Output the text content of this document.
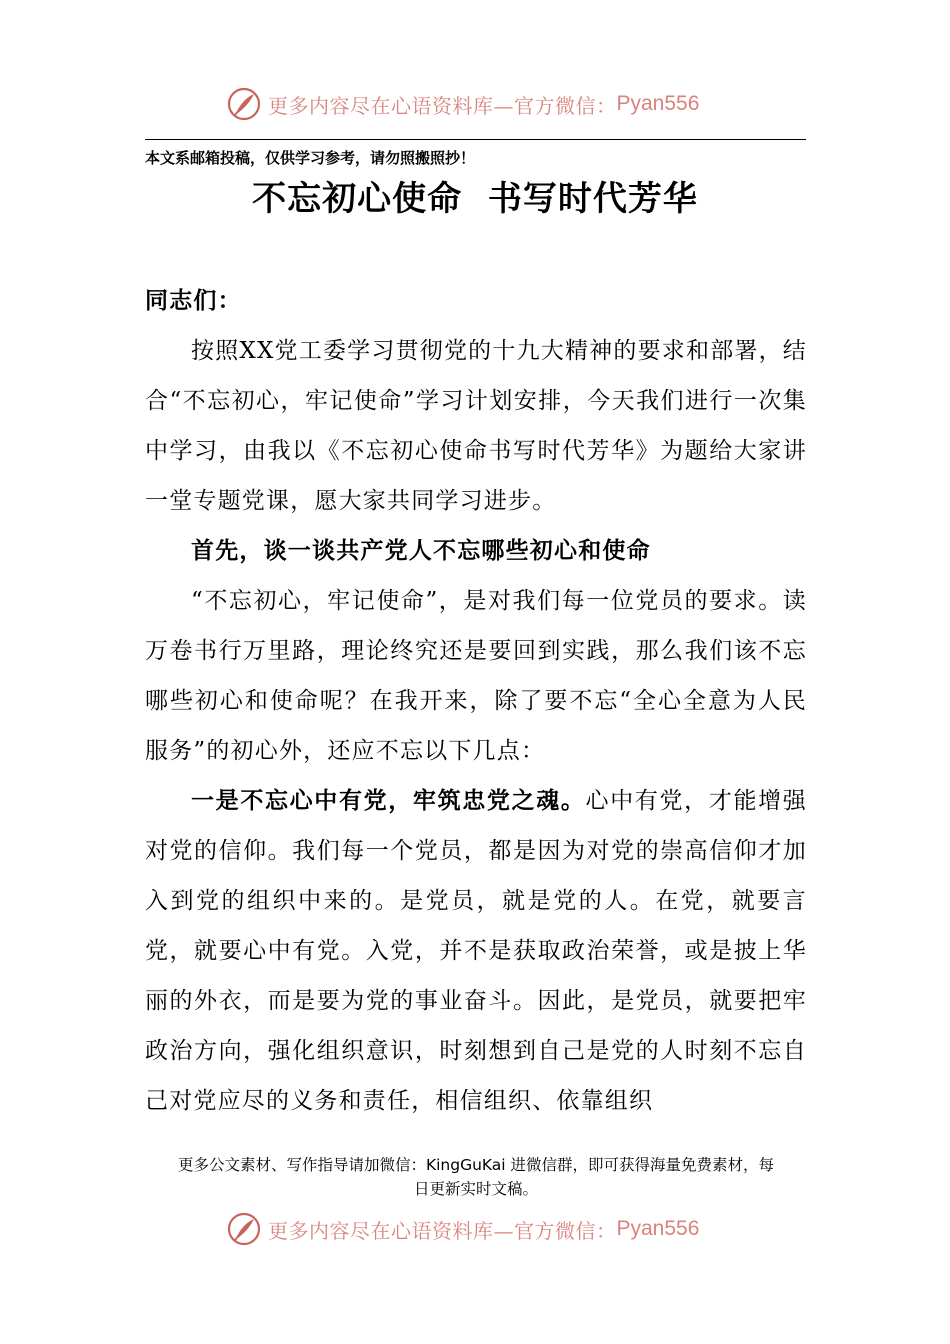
更多内容尽在心语资料库—官方微信： Pyan556
本文系邮箱投稿，仅供学习参考，请勿照搬照抄！
不忘初心使命  书写时代芳华

同志们：

按照XX党工委学习贯彻党的十九大精神的要求和部署，结合“不忘初心，牢记使命”学习计划安排，今天我们进行一次集中学习，由我以《不忘初心使命书写时代芳华》为题给大家讲一堂专题党课，愿大家共同学习进步。

首先，谈一谈共产党人不忘哪些初心和使命

“不忘初心，牢记使命”，是对我们每一位党员的要求。读万卷书行万里路，理论终究还是要回到实践，那么我们该不忘哪些初心和使命呢？在我开来，除了要不忘“全心全意为人民服务”的初心外，还应不忘以下几点：

一是不忘心中有党，牢筑忠党之魂。心中有党，才能增强对党的信仰。我们每一个党员，都是因为对党的崇高信仰才加入到党的组织中来的。是党员，就是党的人。在党，就要言党，就要心中有党。入党，并不是获取政治荣誉，或是披上华丽的外衣，而是要为党的事业奋斗。因此，是党员，就要把牢政治方向，强化组织意识，时刻想到自己是党的人时刻不忘自己对党应尽的义务和责任，相信组织、依靠组织

更多公文素材、写作指导请加微信：KingGuKai 进微信群，即可获得海量免费素材，每
日更新实时文稿。
更多内容尽在心语资料库—官方微信： Pyan556
